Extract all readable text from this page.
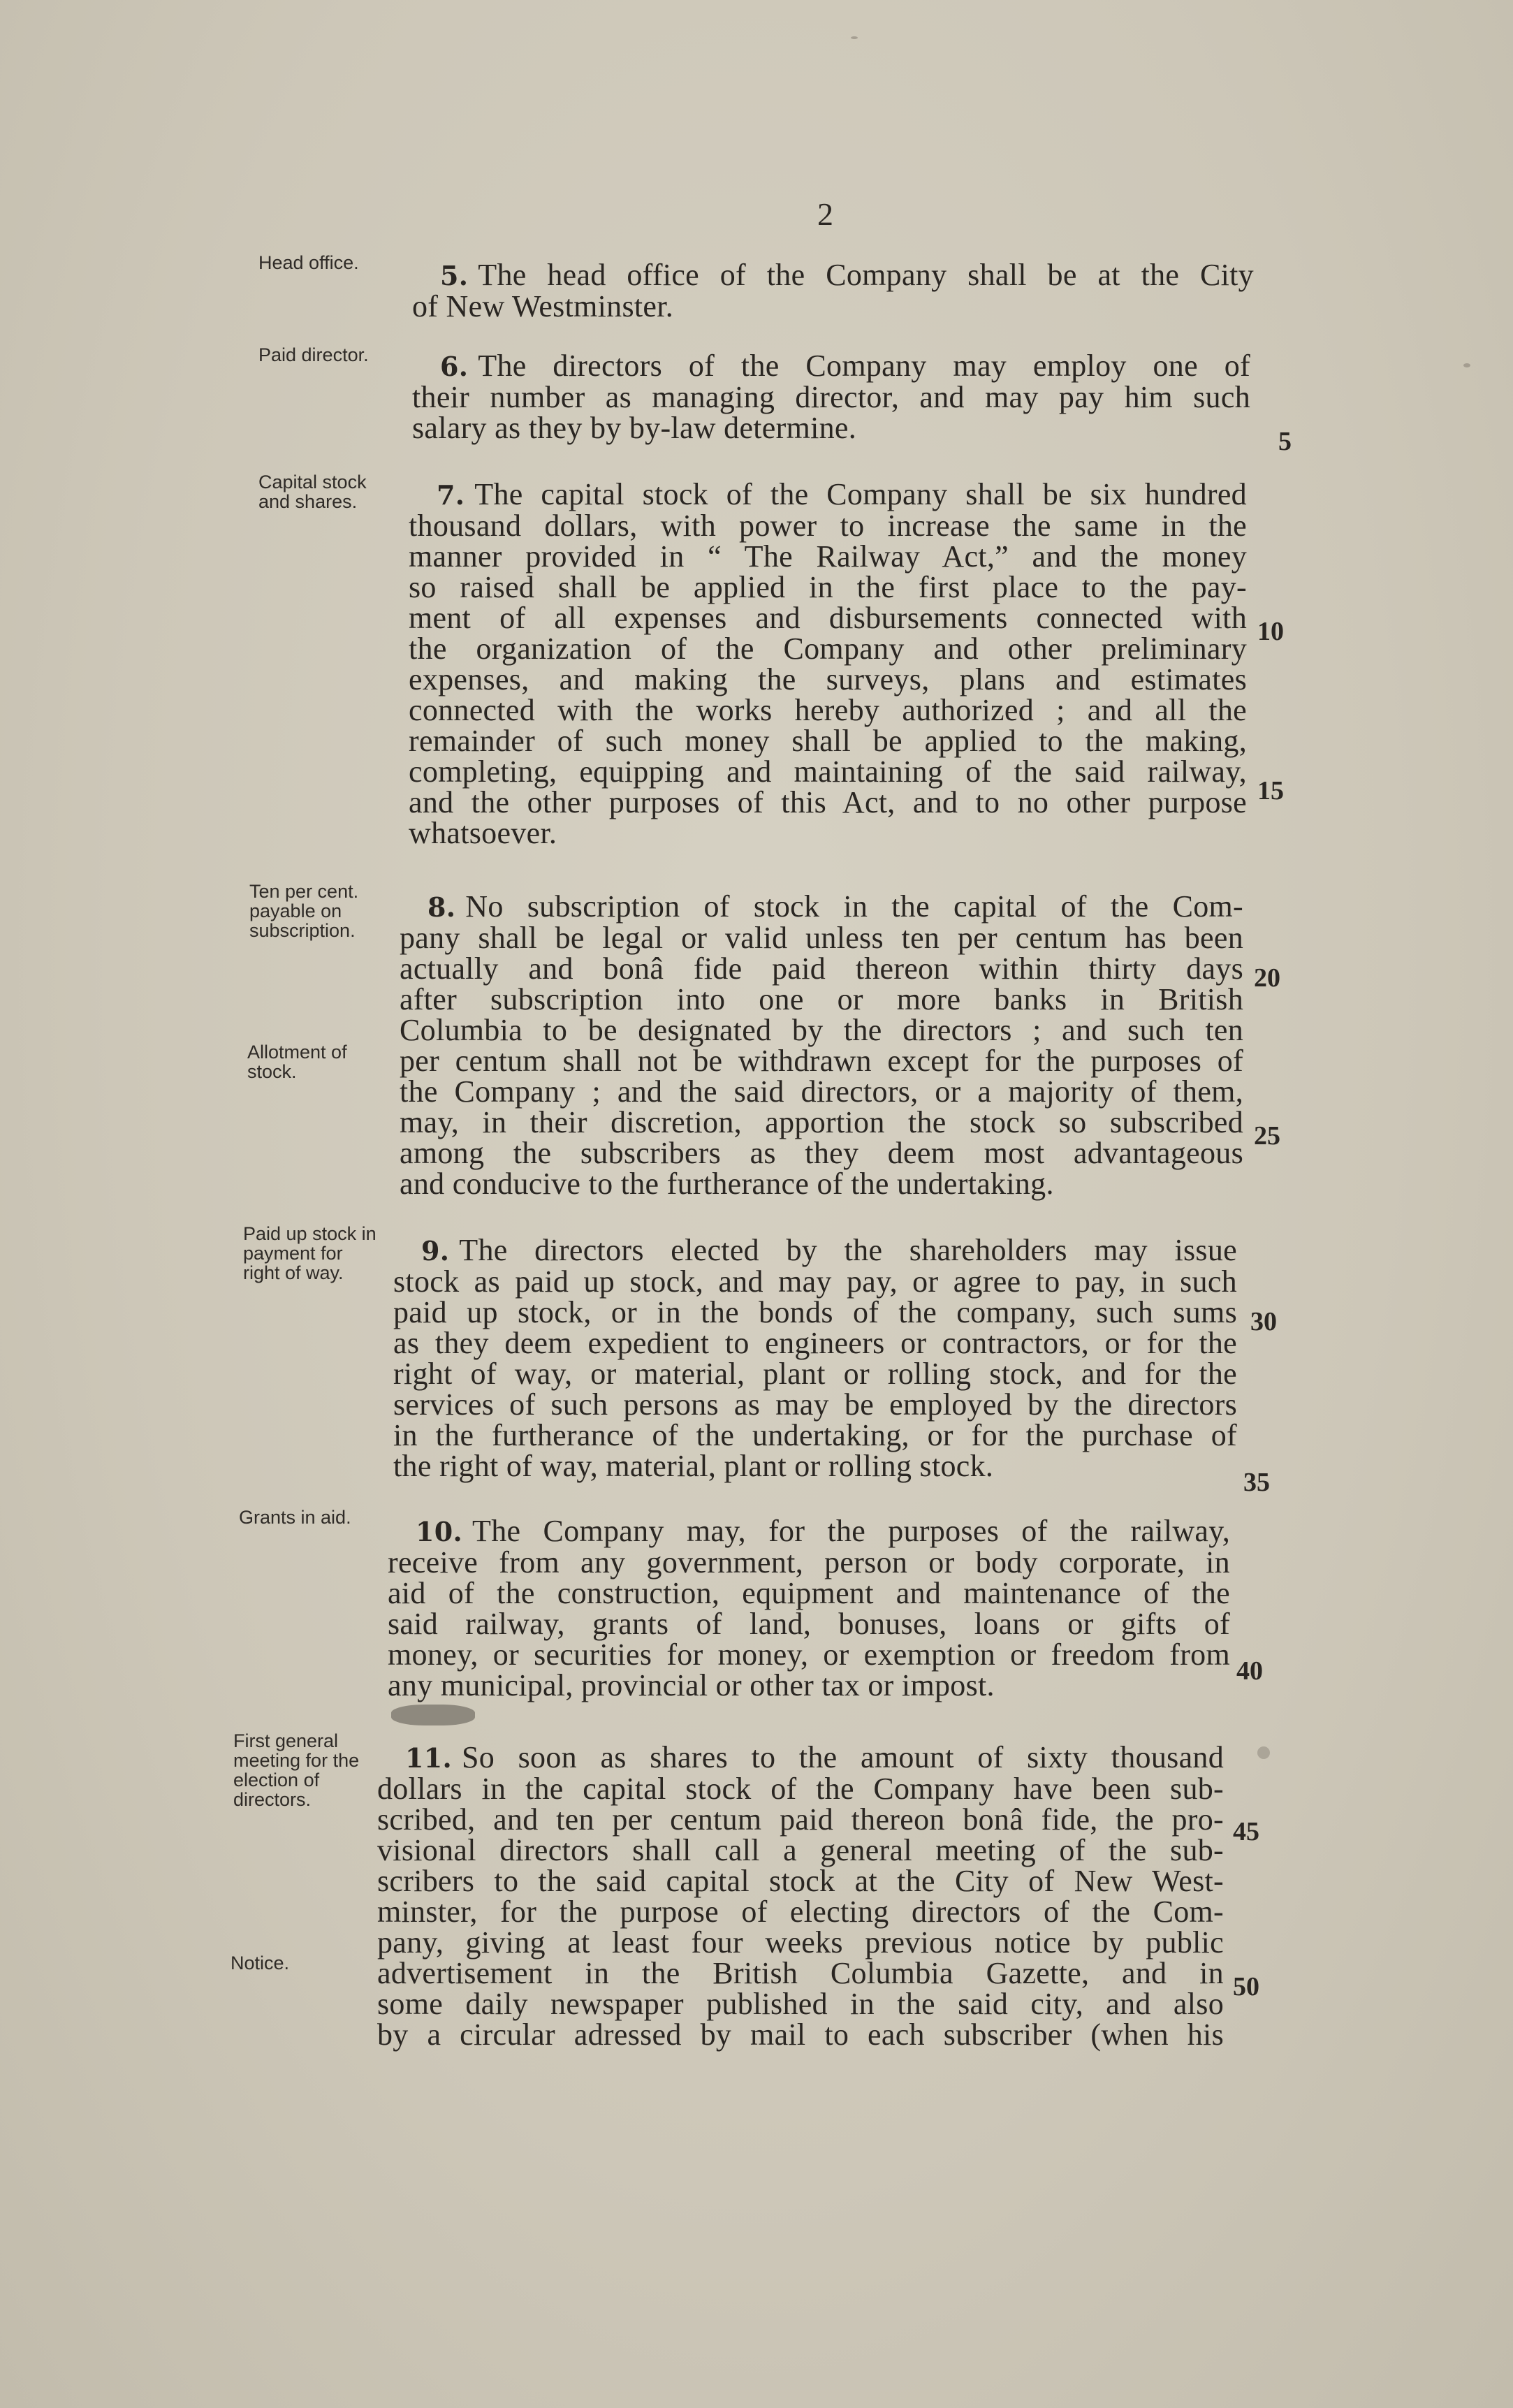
2
Head office.	5. The head office of the Company shall be at the City
of New Westminster.
Paid director.	6. The directors of the Company may employ one of
their number as managing director, and may pay him such
salary as they by by-law determine.	5
Capital stock and shares.	7. The capital stock of the Company shall be six hundred
thousand dollars, with power to increase the same in the
manner provided in “ The Railway Act,” and the money
so raised shall be applied in the first place to the pay-
ment of all expenses and disbursements connected with
the organization of the Company and other preliminary
expenses, and making the surveys, plans and estimates
connected with the works hereby authorized ; and all the
remainder of such money shall be applied to the making,
completing, equipping and maintaining of the said railway,
and the other purposes of this Act, and to no other purpose
whatsoever.
10
15
Ten per cent. payable on subscription.
Allotment of stock.
8. No subscription of stock in the capital of the Com-
pany shall be legal or valid unless ten per centum has been
actually and bonâ fide paid thereon within thirty days
after subscription into one or more banks in British
Columbia to be designated by the directors ; and such ten
per centum shall not be withdrawn except for the purposes of
the Company ; and the said directors, or a majority of them,
may, in their discretion, apportion the stock so subscribed
among the subscribers as they deem most advantageous
and conducive to the furtherance of the undertaking.
20
25
Paid up stock in payment for right of way.
9. The directors elected by the shareholders may issue
stock as paid up stock, and may pay, or agree to pay, in such
paid up stock, or in the bonds of the company, such sums
as they deem expedient to engineers or contractors, or for the
right of way, or material, plant or rolling stock, and for the
services of such persons as may be employed by the directors
in the furtherance of the undertaking, or for the purchase of
the right of way, material, plant or rolling stock.
30
35
Grants in aid.	10. The Company may, for the purposes of the railway,
receive from any government, person or body corporate, in
aid of the construction, equipment and maintenance of the
said railway, grants of land, bonuses, loans or gifts of
money, or securities for money, or exemption or freedom from
any municipal, provincial or other tax or impost.	40
First general meeting for the election of directors.
Notice.
11. So soon as shares to the amount of sixty thousand
dollars in the capital stock of the Company have been sub-
scribed, and ten per centum paid thereon bonâ fide, the pro-
visional directors shall call a general meeting of the sub-
scribers to the said capital stock at the City of New West-
minster, for the purpose of electing directors of the Com-
pany, giving at least four weeks previous notice by public
advertisement in the British Columbia Gazette, and in
some daily newspaper published in the said city, and also
by a circular adressed by mail to each subscriber (when his
45
50
